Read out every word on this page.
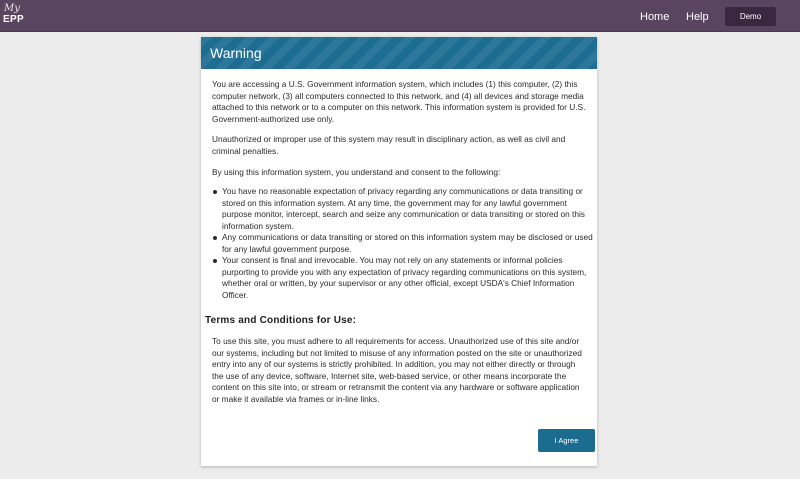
My
EPP	Home Help	Demo
Warning

You are accessing a U.S. Government information system, which includes (1) this computer, (2) this computer network, (3) all computers connected to this network, and (4) all devices and storage media attached to this network or to a computer on this network. This information system is provided for U.S. Government-authorized use only.

Unauthorized or improper use of this system may result in disciplinary action, as well as civil and criminal penalties.

By using this information system, you understand and consent to the following:

You have no reasonable expectation of privacy regarding any communications or data transiting or stored on this information system. At any time, the government may for any lawful government purpose monitor, intercept, search and seize any communication or data transiting or stored on this information system.
Any communications or data transiting or stored on this information system may be disclosed or used for any lawful government purpose.
Your consent is final and irrevocable. You may not rely on any statements or informal policies purporting to provide you with any expectation of privacy regarding communications on this system, whether oral or written, by your supervisor or any other official, except USDA's Chief Information Officer.
Terms and Conditions for Use:

To use this site, you must adhere to all requirements for access. Unauthorized use of this site and/or our systems, including but not limited to misuse of any information posted on the site or unauthorized entry into any of our systems is strictly prohibited. In addition, you may not either directly or through the use of any device, software, Internet site, web-based service, or other means incorporate the content on this site into, or stream or retransmit the content via any hardware or software application or make it available via frames or in-line links.

I Agree
